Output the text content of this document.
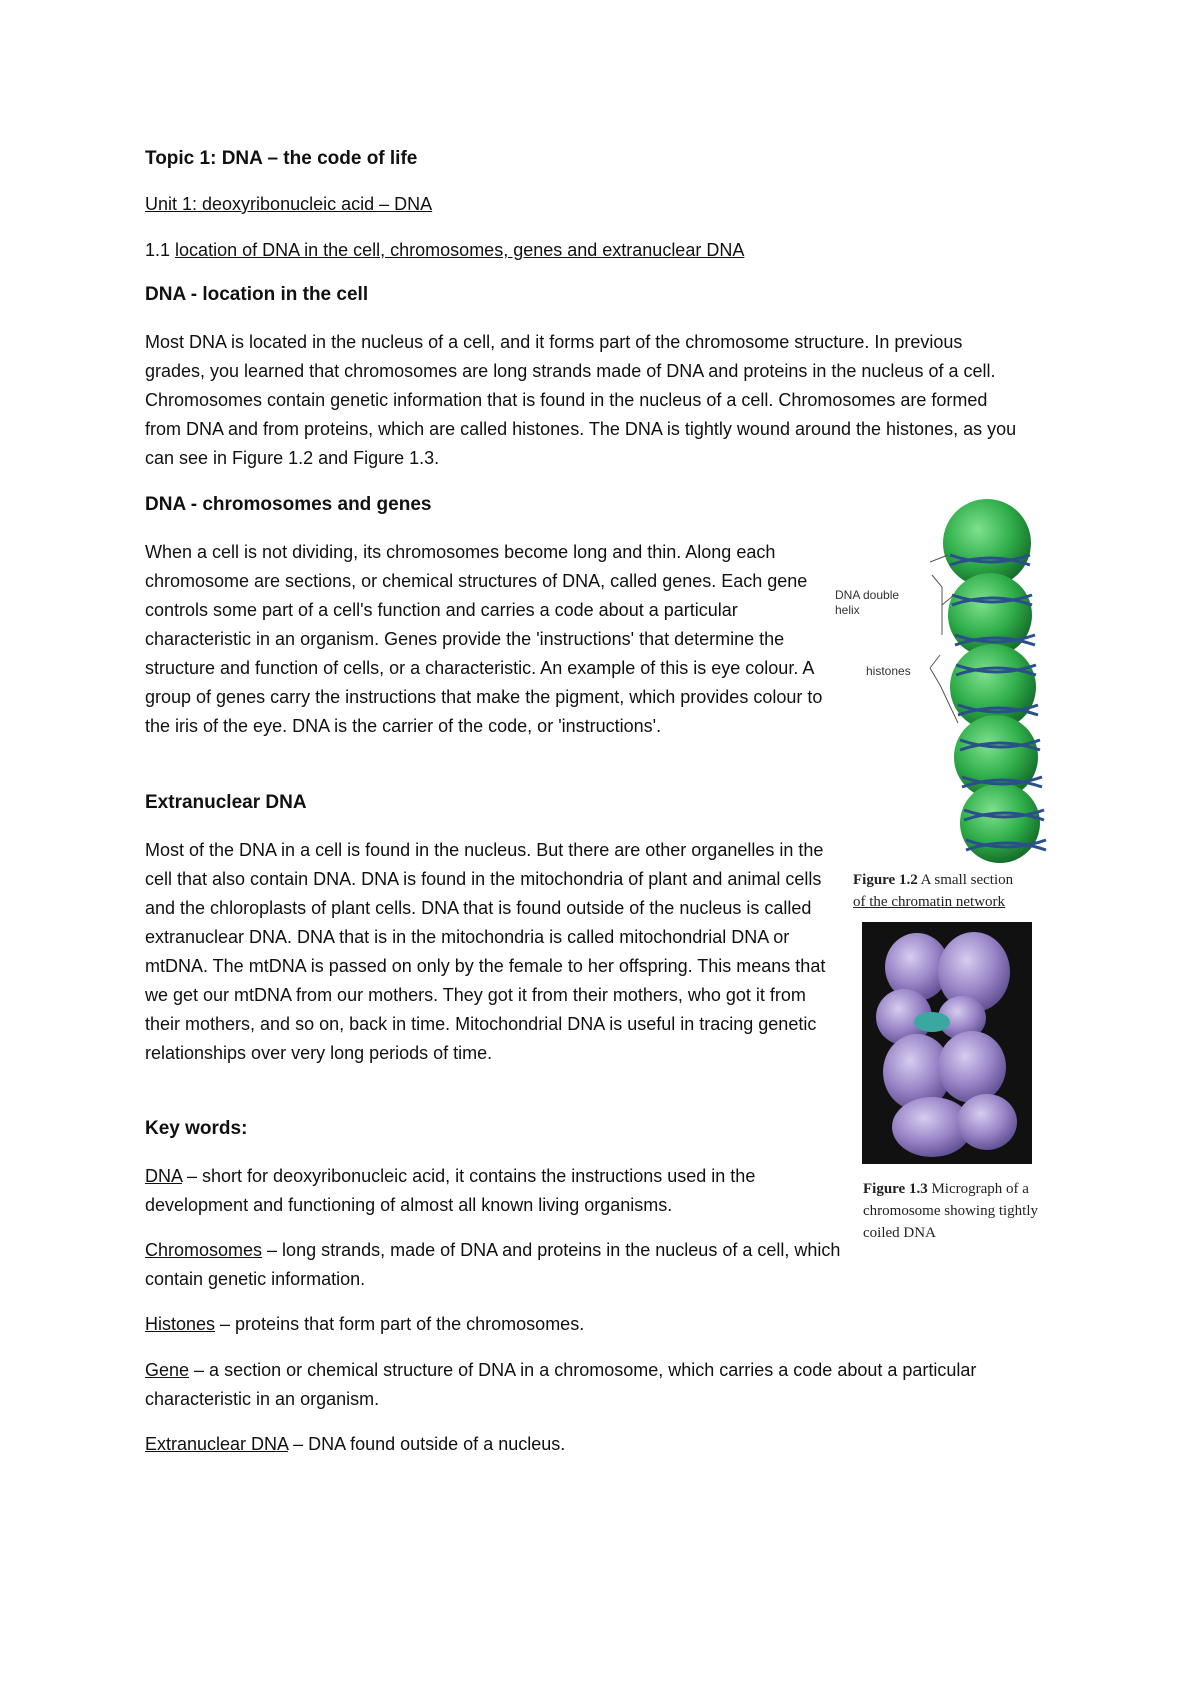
Topic 1: DNA – the code of life

Unit 1: deoxyribonucleic acid – DNA

1.1 location of DNA in the cell, chromosomes, genes and extranuclear DNA

DNA - location in the cell

Most DNA is located in the nucleus of a cell, and it forms part of the chromosome structure. In previous grades, you learned that chromosomes are long strands made of DNA and proteins in the nucleus of a cell. Chromosomes contain genetic information that is found in the nucleus of a cell. Chromosomes are formed from DNA and from proteins, which are called histones. The DNA is tightly wound around the histones, as you can see in Figure 1.2 and Figure 1.3.

DNA - chromosomes and genes

When a cell is not dividing, its chromosomes become long and thin. Along each chromosome are sections, or chemical structures of DNA, called genes. Each gene controls some part of a cell's function and carries a code about a particular characteristic in an organism. Genes provide the 'instructions' that determine the structure and function of cells, or a characteristic. An example of this is eye colour. A group of genes carry the instructions that make the pigment, which provides colour to the iris of the eye. DNA is the carrier of the code, or 'instructions'.

Extranuclear DNA

Most of the DNA in a cell is found in the nucleus. But there are other organelles in the cell that also contain DNA. DNA is found in the mitochondria of plant and animal cells and the chloroplasts of plant cells. DNA that is found outside of the nucleus is called extranuclear DNA. DNA that is in the mitochondria is called mitochondrial DNA or mtDNA. The mtDNA is passed on only by the female to her offspring. This means that we get our mtDNA from our mothers. They got it from their mothers, who got it from their mothers, and so on, back in time. Mitochondrial DNA is useful in tracing genetic relationships over very long periods of time.

Key words:

DNA – short for deoxyribonucleic acid, it contains the instructions used in the development and functioning of almost all known living organisms.

Chromosomes – long strands, made of DNA and proteins in the nucleus of a cell, which contain genetic information.

Histones – proteins that form part of the chromosomes.

Gene – a section or chemical structure of DNA in a chromosome, which carries a code about a particular characteristic in an organism.

Extranuclear DNA – DNA found outside of a nucleus.

DNA double
helix
histones
Figure 1.2 A small section
of the chromatin network
Figure 1.3 Micrograph of a
chromosome showing tightly
coiled DNA
